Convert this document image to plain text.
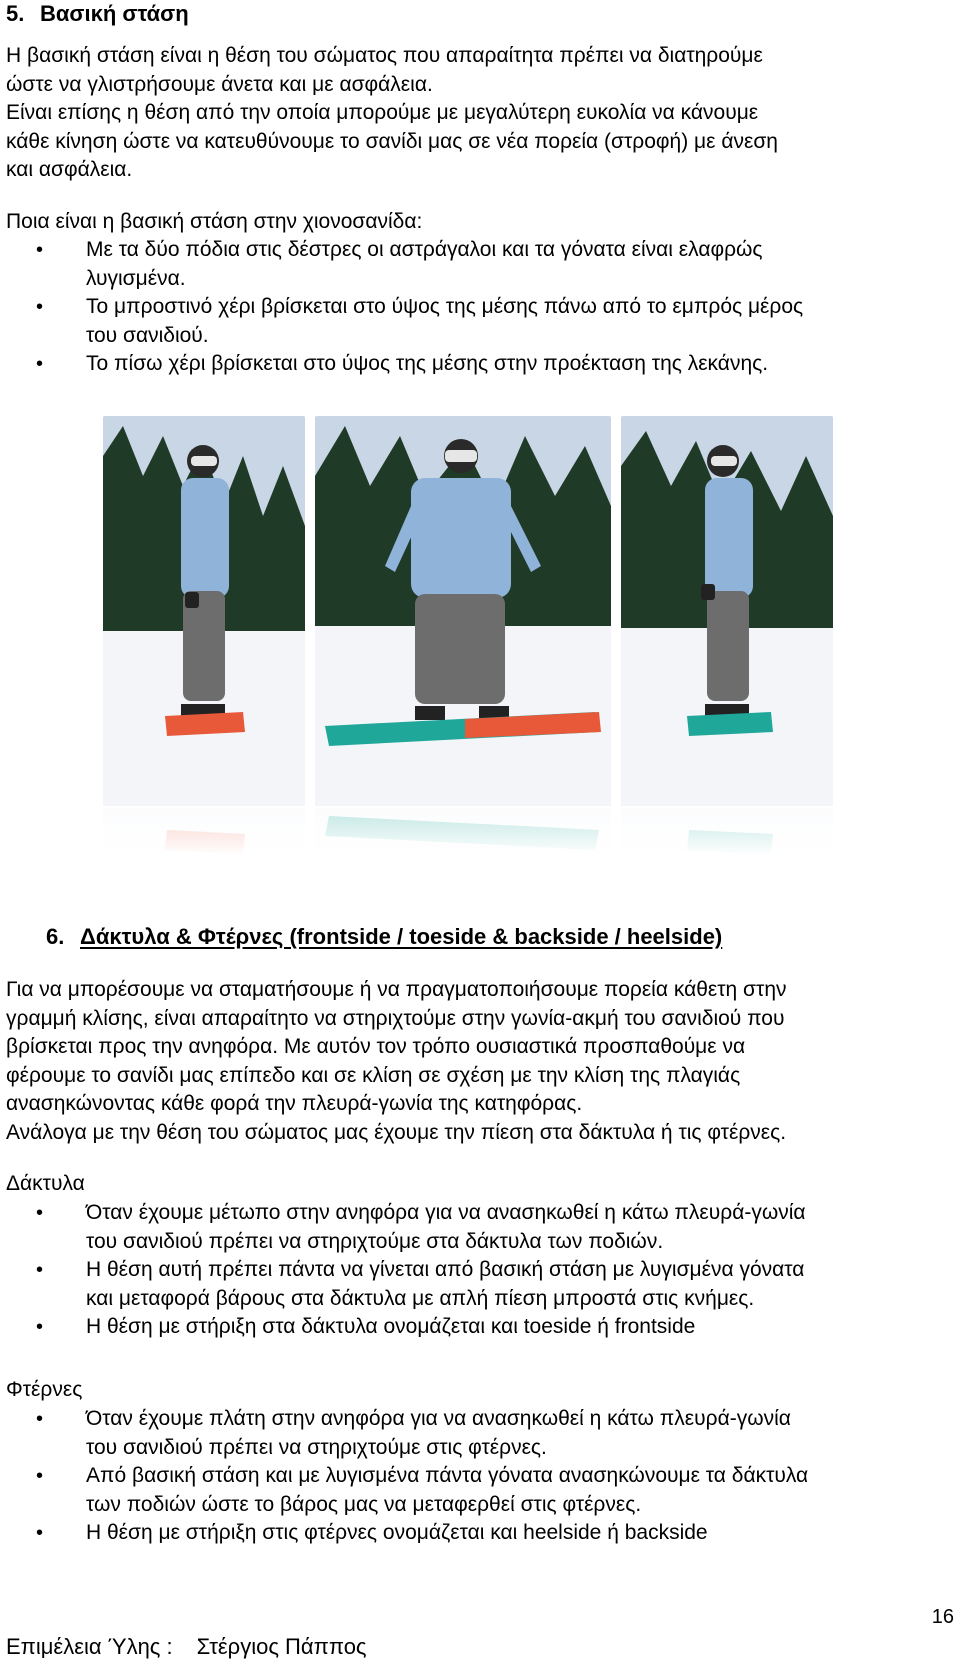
5. Βασική στάση
Η βασική στάση είναι η θέση του σώματος που απαραίτητα πρέπει να διατηρούμε
ώστε να γλιστρήσουμε άνετα και με ασφάλεια.
Είναι επίσης η θέση από την οποία μπορούμε με μεγαλύτερη ευκολία να κάνουμε
κάθε κίνηση ώστε να κατευθύνουμε το σανίδι μας σε νέα πορεία (στροφή) με άνεση
και ασφάλεια.
Ποια είναι η βασική στάση στην χιονοσανίδα:
• Με τα δύο πόδια στις δέστρες οι αστράγαλοι και τα γόνατα είναι ελαφρώς
λυγισμένα.
• Το μπροστινό χέρι βρίσκεται στο ύψος της μέσης πάνω από το εμπρός μέρος
του σανιδιού.
• Το πίσω χέρι βρίσκεται στο ύψος της μέσης στην προέκταση της λεκάνης.
6. Δάκτυλα & Φτέρνες (frontside / toeside & backside / heelside)
Για να μπορέσουμε να σταματήσουμε ή να πραγματοποιήσουμε πορεία κάθετη στην
γραμμή κλίσης, είναι απαραίτητο να στηριχτούμε στην γωνία-ακμή του σανιδιού που
βρίσκεται προς την ανηφόρα. Με αυτόν τον τρόπο ουσιαστικά προσπαθούμε να
φέρουμε το σανίδι μας επίπεδο και σε κλίση σε σχέση με την κλίση της πλαγιάς
ανασηκώνοντας κάθε φορά την πλευρά-γωνία της κατηφόρας.
Ανάλογα με την θέση του σώματος μας έχουμε την πίεση στα δάκτυλα ή τις φτέρνες.
Δάκτυλα
• Όταν έχουμε μέτωπο στην ανηφόρα για να ανασηκωθεί η κάτω πλευρά-γωνία
του σανιδιού πρέπει να στηριχτούμε στα δάκτυλα των ποδιών.
• Η θέση αυτή πρέπει πάντα να γίνεται από βασική στάση με λυγισμένα γόνατα
και μεταφορά βάρους στα δάκτυλα με απλή πίεση μπροστά στις κνήμες.
• Η θέση με στήριξη στα δάκτυλα ονομάζεται και toeside ή frontside
Φτέρνες
• Όταν έχουμε πλάτη στην ανηφόρα για να ανασηκωθεί η κάτω πλευρά-γωνία
του σανιδιού πρέπει να στηριχτούμε στις φτέρνες.
• Από βασική στάση και με λυγισμένα πάντα γόνατα ανασηκώνουμε τα δάκτυλα
των ποδιών ώστε το βάρος μας να μεταφερθεί στις φτέρνες.
• Η θέση με στήριξη στις φτέρνες ονομάζεται και heelside ή backside
16
Επιμέλεια Ύλης : Στέργιος Πάππος
